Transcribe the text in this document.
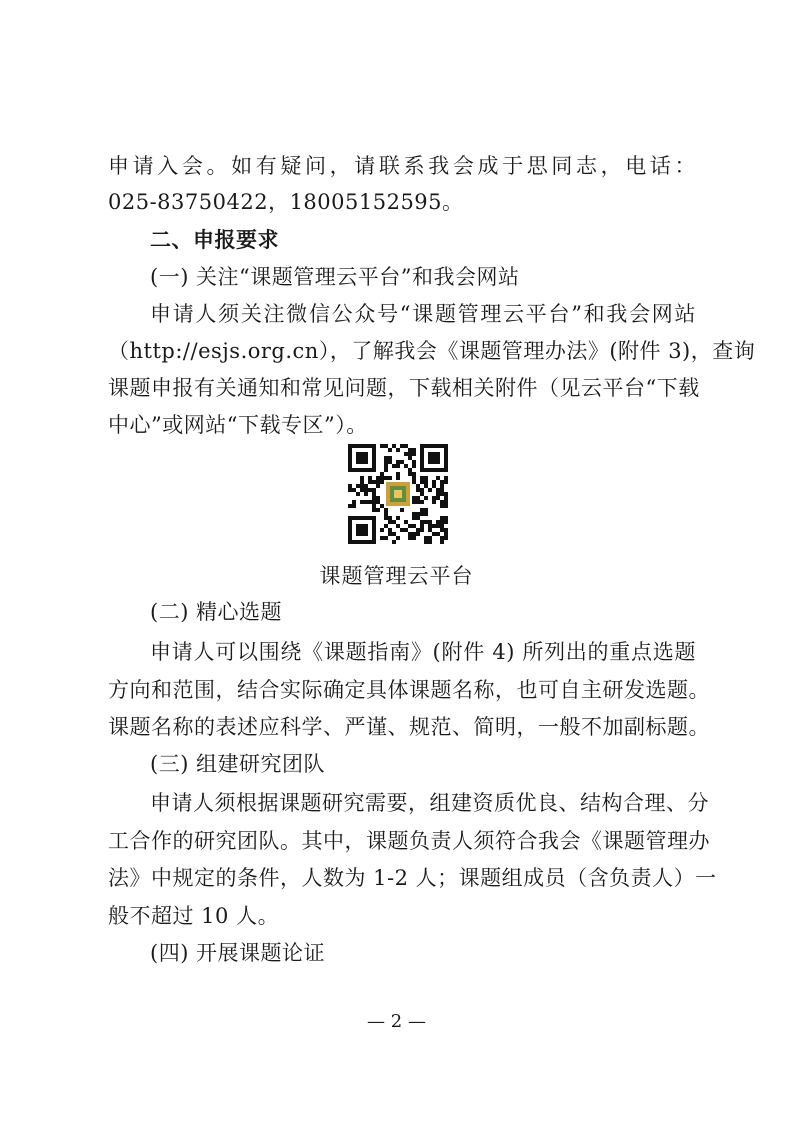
申请入会。如有疑问，请联系我会成于思同志，电话：
025-83750422，18005152595。
二、申报要求
(一) 关注“课题管理云平台”和我会网站
申请人须关注微信公众号“课题管理云平台”和我会网站
（http://esjs.org.cn），了解我会《课题管理办法》(附件 3)，查询
课题申报有关通知和常见问题，下载相关附件（见云平台“下载
中心”或网站“下载专区”）。
课题管理云平台
(二) 精心选题
申请人可以围绕《课题指南》(附件 4) 所列出的重点选题
方向和范围，结合实际确定具体课题名称，也可自主研发选题。
课题名称的表述应科学、严谨、规范、简明，一般不加副标题。
(三) 组建研究团队
申请人须根据课题研究需要，组建资质优良、结构合理、分
工合作的研究团队。其中，课题负责人须符合我会《课题管理办
法》中规定的条件，人数为 1-2 人；课题组成员（含负责人）一
般不超过 10 人。
(四) 开展课题论证
— 2 —
